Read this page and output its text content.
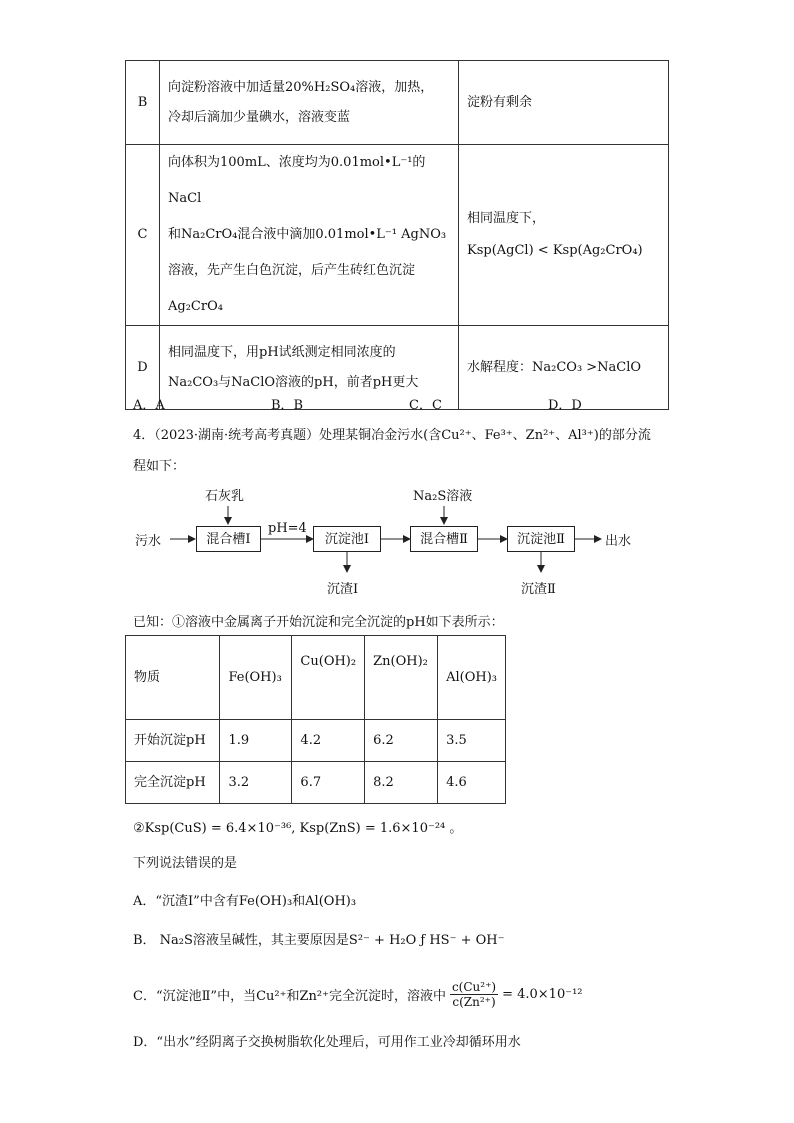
B	向淀粉溶液中加适量20%H₂SO₄溶液，加热，
冷却后滴加少量碘水，溶液变蓝	淀粉有剩余

C	向体积为100mL、浓度均为0.01mol•L⁻¹的NaCl
和Na₂CrO₄混合液中滴加0.01mol•L⁻¹ AgNO₃
溶液，先产生白色沉淀，后产生砖红色沉淀
Ag₂CrO₄	相同温度下，
Ksp(AgCl) < Ksp(Ag₂CrO₄)

D	相同温度下，用pH试纸测定相同浓度的
Na₂CO₃与NaClO溶液的pH，前者pH更大	水解程度：Na₂CO₃ >NaClO
A．A	B．B	C．C	D．D
4．（2023·湖南·统考高考真题）处理某铜冶金污水(含Cu²⁺、Fe³⁺、Zn²⁺、Al³⁺)的部分流
程如下：
污水
石灰乳
混合槽Ⅰ
pH=4
沉淀池Ⅰ
沉渣Ⅰ
Na₂S溶液
混合槽Ⅱ	沉淀池Ⅱ
沉渣Ⅱ
出水
已知：①溶液中金属离子开始沉淀和完全沉淀的pH如下表所示：
物质	Fe(OH)₃	Cu(OH)₂	Zn(OH)₂	Al(OH)₃
开始沉淀pH	1.9	4.2	6.2	3.5
完全沉淀pH	3.2	6.7	8.2	4.6
②Ksp(CuS) = 6.4×10⁻³⁶, Ksp(ZnS) = 1.6×10⁻²⁴ 。
下列说法错误的是
A．“沉渣Ⅰ”中含有Fe(OH)₃和Al(OH)₃
B． Na₂S溶液呈碱性，其主要原因是S²⁻ + H₂O ƒ HS⁻ + OH⁻
C．“沉淀池Ⅱ”中，当Cu²⁺和Zn²⁺完全沉淀时，溶液中 $\frac{\text{c(Cu²⁺)}}{\text{c(Zn²⁺)}} = 4.0\times 10^{-12}$
D．“出水”经阴离子交换树脂软化处理后，可用作工业冷却循环用水
